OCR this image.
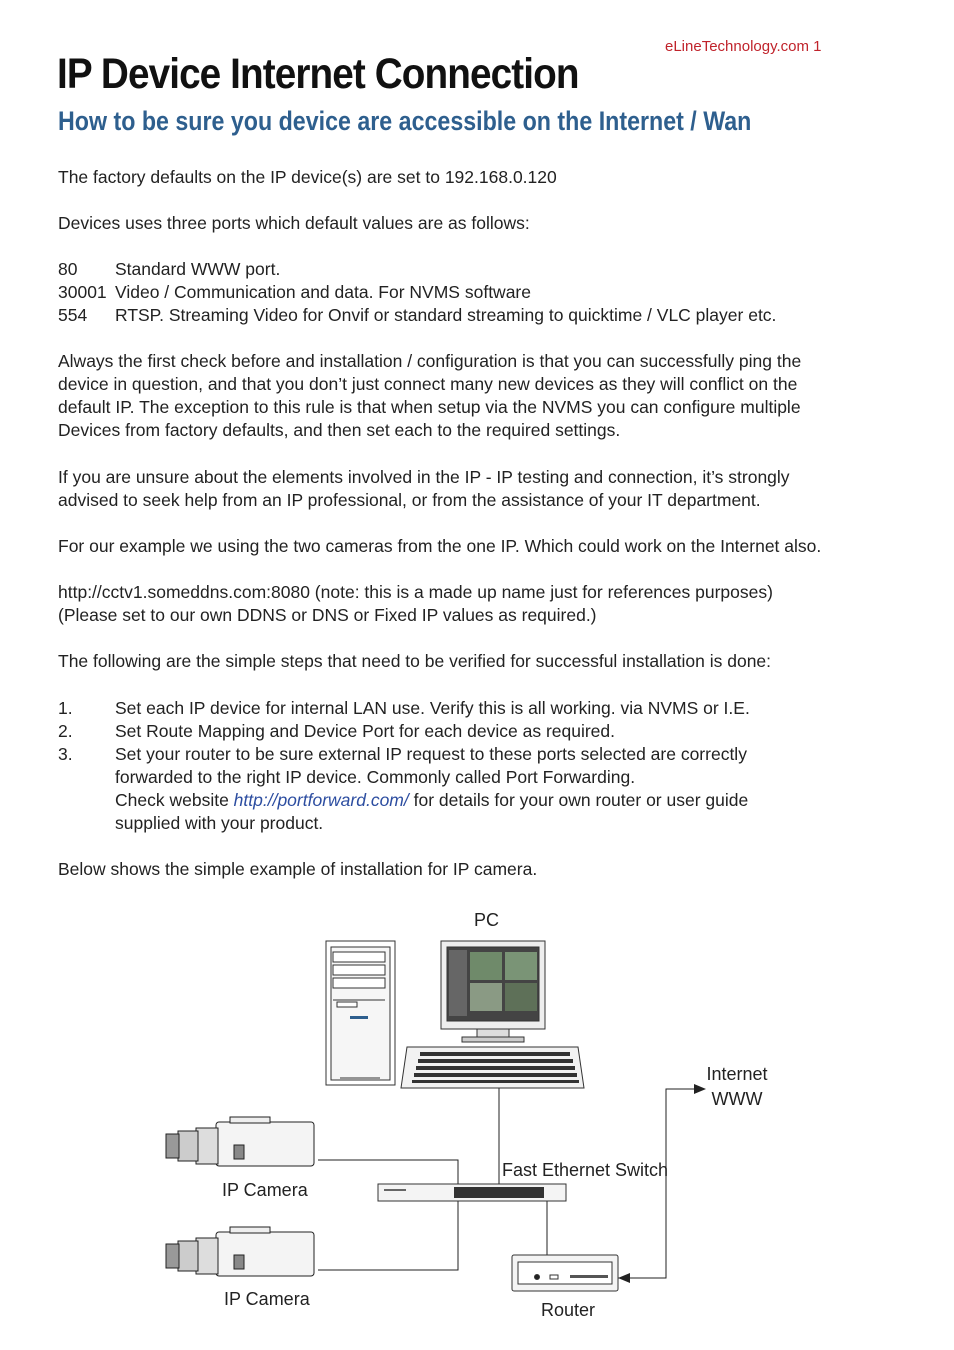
eLineTechnology.com 1
IP Device Internet Connection
How to be sure you device are accessible on the Internet / Wan
The factory defaults on the IP device(s) are set to 192.168.0.120
Devices uses three ports which default values are as follows:
80 Standard WWW port.
30001 Video / Communication and data. For NVMS software
554 RTSP. Streaming Video for Onvif or standard streaming to quicktime / VLC player etc.
Always the first check before and installation / configuration is that you can successfully ping the
device in question, and that you don’t just connect many new devices as they will conflict on the
default IP. The exception to this rule is that when setup via the NVMS you can configure multiple
Devices from factory defaults, and then set each to the required settings.
If you are unsure about the elements involved in the IP - IP testing and connection, it’s strongly
advised to seek help from an IP professional, or from the assistance of your IT department.
For our example we using the two cameras from the one IP. Which could work on the Internet also.
http://cctv1.someddns.com:8080 (note: this is a made up name just for references purposes)
(Please set to our own DDNS or DNS or Fixed IP values as required.)
The following are the simple steps that need to be verified for successful installation is done:
1. Set each IP device for internal LAN use. Verify this is all working. via NVMS or I.E.
2. Set Route Mapping and Device Port for each device as required.
3. Set your router to be sure external IP request to these ports selected are correctly
forwarded to the right IP device. Commonly called Port Forwarding.
Check website http://portforward.com/ for details for your own router or user guide
supplied with your product.
Below shows the simple example of installation for IP camera.
PC
Internet
WWW
Fast Ethernet Switch
IP Camera
IP Camera
Router
